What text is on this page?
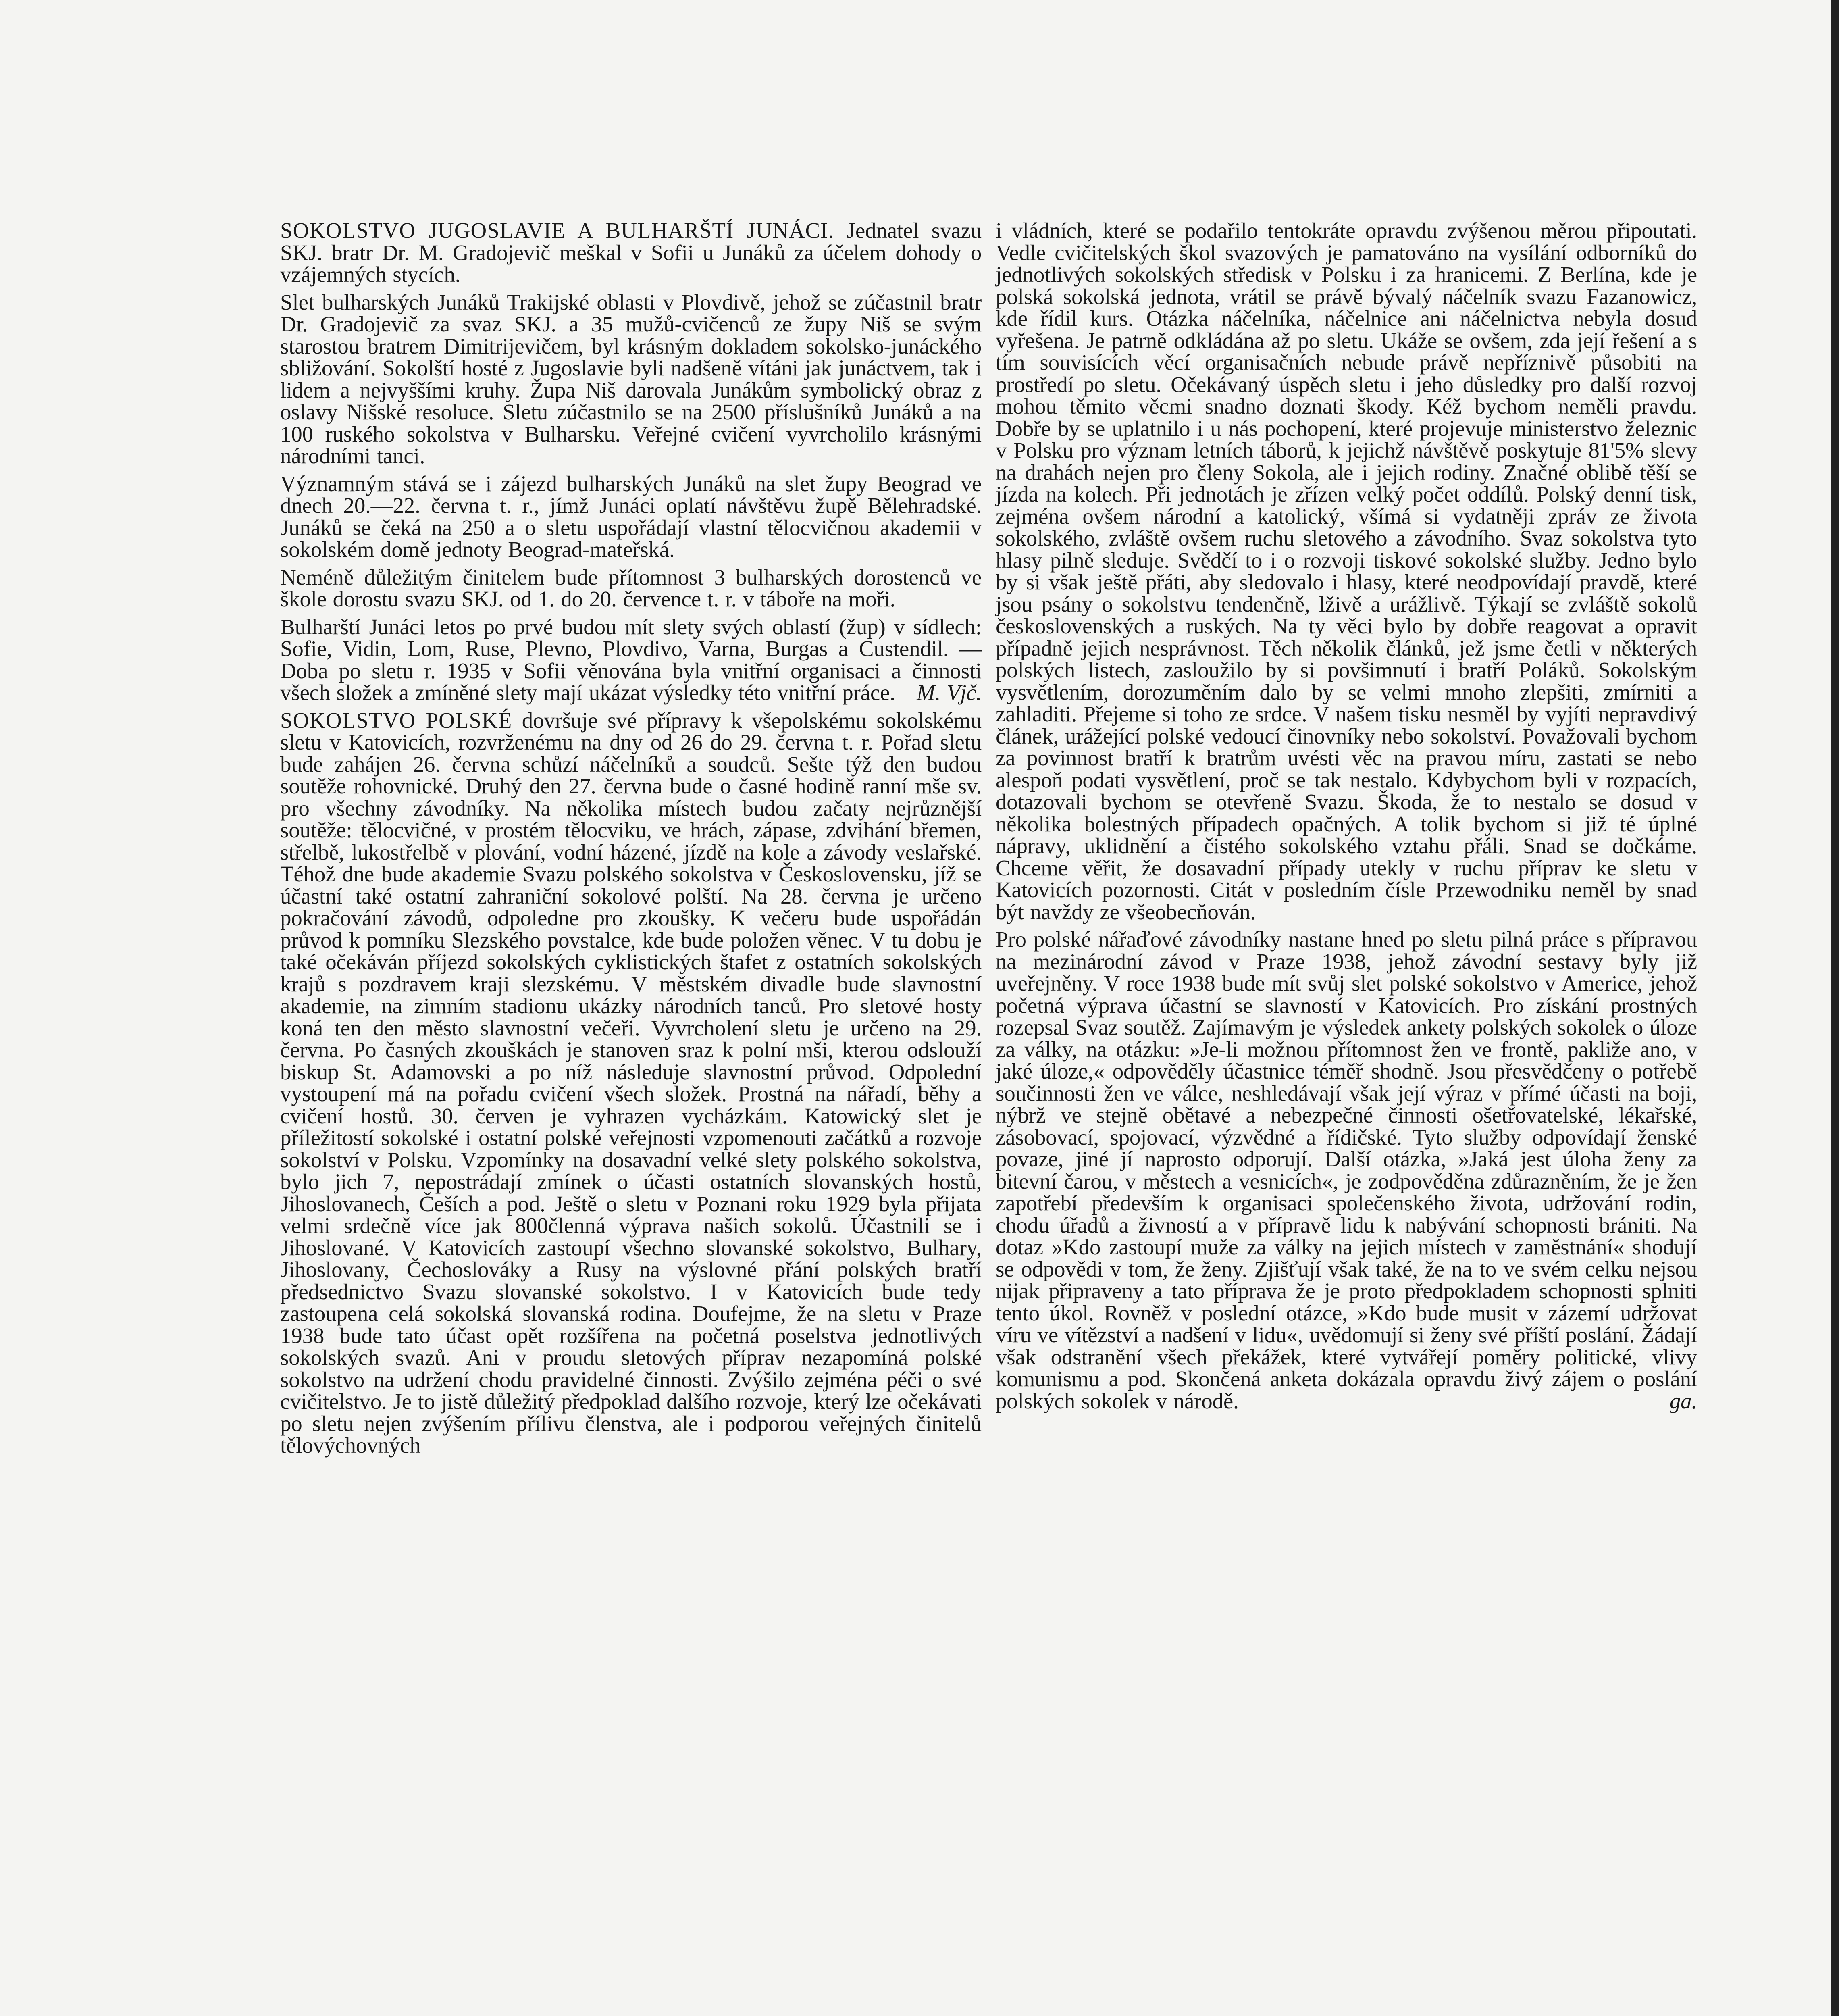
SOKOLSTVO JUGOSLAVIE A BULHARŠTÍ JUNÁCI. Jednatel svazu SKJ. bratr Dr. M. Gradojevič meškal v Sofii u Junáků za účelem dohody o vzájemných stycích.

Slet bulharských Junáků Trakijské oblasti v Plovdivě, jehož se zúčastnil bratr Dr. Gradojevič za svaz SKJ. a 35 mužů-cvičenců ze župy Niš se svým starostou bratrem Dimitrijevičem, byl krásným dokladem sokolsko-junáckého sbližování. Sokolští hosté z Jugoslavie byli nadšeně vítáni jak junáctvem, tak i lidem a nejvyššími kruhy. Župa Niš darovala Junákům symbolický obraz z oslavy Nišské resoluce. Sletu zúčastnilo se na 2500 příslušníků Junáků a na 100 ruského sokolstva v Bulharsku. Veřejné cvičení vyvrcholilo krásnými národními tanci.

Významným stává se i zájezd bulharských Junáků na slet župy Beograd ve dnech 20.—22. června t. r., jímž Junáci oplatí návštěvu župě Bělehradské. Junáků se čeká na 250 a o sletu uspořádají vlastní tělocvičnou akademii v sokolském domě jednoty Beograd-mateřská.

Neméně důležitým činitelem bude přítomnost 3 bulharských dorostenců ve škole dorostu svazu SKJ. od 1. do 20. července t. r. v táboře na moři.

Bulharští Junáci letos po prvé budou mít slety svých oblastí (žup) v sídlech: Sofie, Vidin, Lom, Ruse, Plevno, Plovdivo, Varna, Burgas a Custendil. — Doba po sletu r. 1935 v Sofii věnována byla vnitřní organisaci a činnosti všech složek a zmíněné slety mají ukázat výsledky této vnitřní práce. M. Vjč.

SOKOLSTVO POLSKÉ dovršuje své přípravy k všepolskému sokolskému sletu v Katovicích, rozvrženému na dny od 26 do 29. června t. r. Pořad sletu bude zahájen 26. června schůzí náčelníků a soudců. Sešte týž den budou soutěže rohovnické. Druhý den 27. června bude o časné hodině ranní mše sv. pro všechny závodníky. Na několika místech budou začaty nejrůznější soutěže: tělocvičné, v prostém tělocviku, ve hrách, zápase, zdvihání břemen, střelbě, lukostřelbě v plování, vodní házené, jízdě na kole a závody veslařské. Téhož dne bude akademie Svazu polského sokolstva v Československu, jíž se účastní také ostatní zahraniční sokolové polští. Na 28. června je určeno pokračování závodů, odpoledne pro zkoušky. K večeru bude uspořádán průvod k pomníku Slezského povstalce, kde bude položen věnec. V tu dobu je také očekáván příjezd sokolských cyklistických štafet z ostatních sokolských krajů s pozdravem kraji slezskému. V městském divadle bude slavnostní akademie, na zimním stadionu ukázky národních tanců. Pro sletové hosty koná ten den město slavnostní večeři. Vyvrcholení sletu je určeno na 29. června. Po časných zkouškách je stanoven sraz k polní mši, kterou odslouží biskup St. Adamovski a po níž následuje slavnostní průvod. Odpolední vystoupení má na pořadu cvičení všech složek. Prostná na nářadí, běhy a cvičení hostů. 30. červen je vyhrazen vycházkám. Katowický slet je příležitostí sokolské i ostatní polské veřejnosti vzpomenouti začátků a rozvoje sokolství v Polsku. Vzpomínky na dosavadní velké slety polského sokolstva, bylo jich 7, nepostrádají zmínek o účasti ostatních slovanských hostů, Jihoslovanech, Češích a pod. Ještě o sletu v Poznani roku 1929 byla přijata velmi srdečně více jak 800členná výprava našich sokolů. Účastnili se i Jihoslované. V Katovicích zastoupí všechno slovanské sokolstvo, Bulhary, Jihoslovany, Čechoslováky a Rusy na výslovné přání polských bratří předsednictvo Svazu slovanské sokolstvo. I v Katovicích bude tedy zastoupena celá sokolská slovanská rodina. Doufejme, že na sletu v Praze 1938 bude tato účast opět rozšířena na početná poselstva jednotlivých sokolských svazů. Ani v proudu sletových příprav nezapomíná polské sokolstvo na udržení chodu pravidelné činnosti. Zvýšilo zejména péči o své cvičitelstvo. Je to jistě důležitý předpoklad dalšího rozvoje, který lze očekávati po sletu nejen zvýšením přílivu členstva, ale i podporou veřejných činitelů tělovýchovných

i vládních, které se podařilo tentokráte opravdu zvýšenou měrou připoutati. Vedle cvičitelských škol svazových je pamatováno na vysílání odborníků do jednotlivých sokolských středisk v Polsku i za hranicemi. Z Berlína, kde je polská sokolská jednota, vrátil se právě bývalý náčelník svazu Fazanowicz, kde řídil kurs. Otázka náčelníka, náčelnice ani náčelnictva nebyla dosud vyřešena. Je patrně odkládána až po sletu. Ukáže se ovšem, zda její řešení a s tím souvisících věcí organisačních nebude právě nepříznivě působiti na prostředí po sletu. Očekávaný úspěch sletu i jeho důsledky pro další rozvoj mohou těmito věcmi snadno doznati škody. Kéž bychom neměli pravdu. Dobře by se uplatnilo i u nás pochopení, které projevuje ministerstvo železnic v Polsku pro význam letních táborů, k jejichž návštěvě poskytuje 81'5% slevy na drahách nejen pro členy Sokola, ale i jejich rodiny. Značné oblibě těší se jízda na kolech. Při jednotách je zřízen velký počet oddílů. Polský denní tisk, zejména ovšem národní a katolický, všímá si vydatněji zpráv ze života sokolského, zvláště ovšem ruchu sletového a závodního. Svaz sokolstva tyto hlasy pilně sleduje. Svědčí to i o rozvoji tiskové sokolské služby. Jedno bylo by si však ještě přáti, aby sledovalo i hlasy, které neodpovídají pravdě, které jsou psány o sokolstvu tendenčně, lživě a urážlivě. Týkají se zvláště sokolů československých a ruských. Na ty věci bylo by dobře reagovat a opravit případně jejich nesprávnost. Těch několik článků, jež jsme četli v některých polských listech, zasloužilo by si povšimnutí i bratří Poláků. Sokolským vysvětlením, dorozuměním dalo by se velmi mnoho zlepšiti, zmírniti a zahladiti. Přejeme si toho ze srdce. V našem tisku nesměl by vyjíti nepravdivý článek, urážející polské vedoucí činovníky nebo sokolství. Považovali bychom za povinnost bratří k bratrům uvésti věc na pravou míru, zastati se nebo alespoň podati vysvětlení, proč se tak nestalo. Kdybychom byli v rozpacích, dotazovali bychom se otevřeně Svazu. Škoda, že to nestalo se dosud v několika bolestných případech opačných. A tolik bychom si již té úplné nápravy, uklidnění a čistého sokolského vztahu přáli. Snad se dočkáme. Chceme věřit, že dosavadní případy utekly v ruchu příprav ke sletu v Katovicích pozornosti. Citát v posledním čísle Przewodniku neměl by snad být navždy ze všeobecňován.

Pro polské nářaďové závodníky nastane hned po sletu pilná práce s přípravou na mezinárodní závod v Praze 1938, jehož závodní sestavy byly již uveřejněny. V roce 1938 bude mít svůj slet polské sokolstvo v Americe, jehož početná výprava účastní se slavností v Katovicích. Pro získání prostných rozepsal Svaz soutěž. Zajímavým je výsledek ankety polských sokolek o úloze za války, na otázku: »Je-li možnou přítomnost žen ve frontě, pakliže ano, v jaké úloze,« odpověděly účastnice téměř shodně. Jsou přesvědčeny o potřebě součinnosti žen ve válce, neshledávají však její výraz v přímé účasti na boji, nýbrž ve stejně obětavé a nebezpečné činnosti ošetřovatelské, lékařské, zásobovací, spojovací, výzvědné a řídičské. Tyto služby odpovídají ženské povaze, jiné jí naprosto odporují. Další otázka, »Jaká jest úloha ženy za bitevní čarou, v městech a vesnicích«, je zodpověděna zdůrazněním, že je žen zapotřebí především k organisaci společenského života, udržování rodin, chodu úřadů a živností a v přípravě lidu k nabývání schopnosti brániti. Na dotaz »Kdo zastoupí muže za války na jejich místech v zaměstnání« shodují se odpovědi v tom, že ženy. Zjišťují však také, že na to ve svém celku nejsou nijak připraveny a tato příprava že je proto předpokladem schopnosti splniti tento úkol. Rovněž v poslední otázce, »Kdo bude musit v zázemí udržovat víru ve vítězství a nadšení v lidu«, uvědomují si ženy své příští poslání. Žádají však odstranění všech překážek, které vytvářejí poměry politické, vlivy komunismu a pod. Skončená anketa dokázala opravdu živý zájem o poslání polských sokolek v národě.	ga.
